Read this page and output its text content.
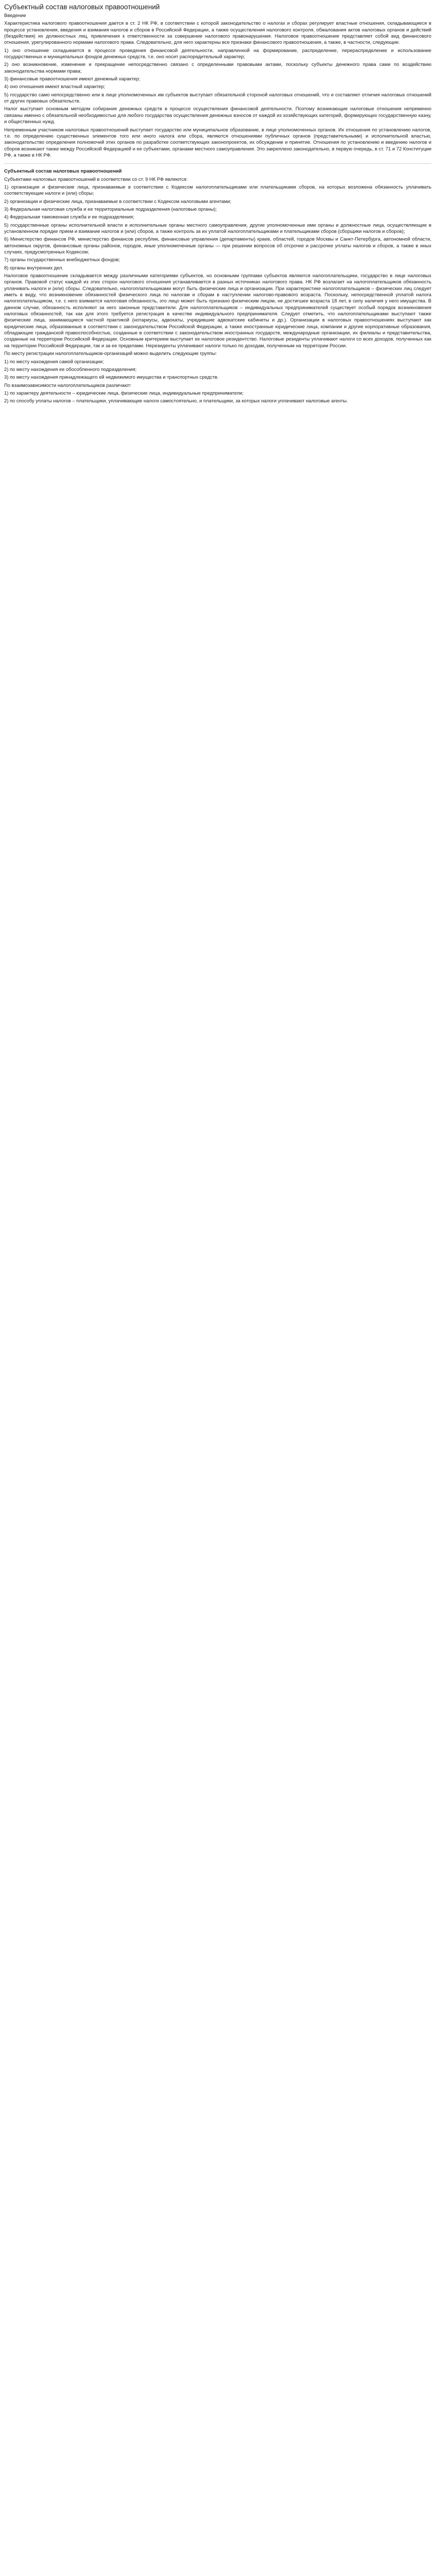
Субъектный состав налоговых правоотношений

Введение

Характеристика налогового правоотношения дается в ст. 2 НК РФ, в соответствии с которой законодательство о налогах и сборах регулирует властные отношения, складывающиеся в процессе установления, введения и взимания налогов и сборов в Российской Федерации, а также осуществления налогового контроля, обжалования актов налоговых органов и действий (бездействия) их должностных лиц, привлечения к ответственности за совершение налогового правонарушения. Налоговое правоотношение представляет собой вид финансового отношения, урегулированного нормами налогового права. Следовательно, для него характерны все признаки финансового правоотношения, а также, в частности, следующие.

1) оно отношение складывается в процессе проведения финансовой деятельности, направленной на формирование, распределение, перераспределение и использование государственных и муниципальных фондов денежных средств, т.е. оно носит распорядительный характер;

2) оно возникновение, изменение и прекращение непосредственно связано с определенными правовыми актами, поскольку субъекты денежного права сами по воздействию законодательства нормами права;

3) финансовые правоотношения имеют денежный характер;

4) оно отношения имеют властный характер;

5) государство само непосредственно или в лице уполномоченных им субъектов выступает обязательной стороной налоговых отношений, что и составляет отличия налоговых отношений от других правовых обязательств.

Налог выступает основным методом собирания денежных средств в процессе осуществления финансовой деятельности. Поэтому возникающие налоговые отношения непременно связаны именно с обязательной необходимостью для любого государства осуществления денежных взносов от каждой из хозяйствующих категорий, формирующих государственную казну, и общественных нужд.

Непременным участником налоговых правоотношений выступает государство или муниципальное образование, в лице уполномоченных органов. Их отношения по установлению налогов, т.е. по определению существенных элементов того или иного налога или сбора, являются отношениями публичных органов (представительными) и исполнительной властью, законодательство определения полномочий этих органов по разработке соответствующих законопроектов, их обсуждение и принятие. Отношения по установлению и введению налогов и сборов возникают также между Российской Федерацией и ее субъектами, органами местного самоуправления. Это закреплено законодательно, в первую очередь, в ст. 71 и 72 Конституции РФ, а также в НК РФ.

Субъектный состав налоговых правоотношений

Субъектами налоговых правоотношений в соответствии со ст. 9 НК РФ являются:

1) организации и физические лица, признаваемые в соответствии с Кодексом налогоплательщиками или плательщиками сборов, на которых возложена обязанность уплачивать соответствующие налоги и (или) сборы;

2) организации и физические лица, признаваемые в соответствии с Кодексом налоговыми агентами;

3) Федеральная налоговая служба и ее территориальные подразделения (налоговые органы);

4) Федеральная таможенная служба и ее подразделения;

5) государственные органы исполнительной власти и исполнительные органы местного самоуправления, другие уполномоченные ими органы и должностные лица, осуществляющие в установленном порядке прием и взимание налогов и (или) сборов, а также контроль за их уплатой налогоплательщиками и плательщиками сборов (сборщики налогов и сборов);

6) Министерство финансов РФ, министерство финансов республик, финансовые управления (департаменты) краев, областей, городов Москвы и Санкт-Петербурга, автономной области, автономных округов, финансовые органы районов, городов, иные уполномоченные органы — при решении вопросов об отсрочке и рассрочке уплаты налогов и сборов, а также в иных случаях, предусмотренных Кодексом;

7) органы государственных внебюджетных фондов;

8) органы внутренних дел.

Налоговое правоотношение складывается между различными категориями субъектов, но основными группами субъектов являются налогоплательщики, государство в лице налоговых органов. Правовой статус каждой из этих сторон налогового отношения устанавливается в разных источниках налогового права. НК РФ возлагает на налогоплательщиков обязанность уплачивать налоги и (или) сборы. Следовательно, налогоплательщиками могут быть физические лица и организации. При характеристике налогоплательщиков – физических лиц следует иметь в виду, что возникновение обязанностей физического лица по налогам и сборам в наступлении налогово-правового возраста. Поскольку, непосредственной уплатой налога налогоплательщиком, т.е. с него взимается налоговая обязанность, это лицо может быть признано физическим лицом, не достигшее возраста 18 лет, в силу наличия у него имущества. В данном случае, обязанность исполняют за него законные представители. Для налогоплательщиков – индивидуальных предпринимателей существует особый порядок возникновения налоговых обязанностей, так как для этого требуется регистрация в качестве индивидуального предпринимателя. Следует отметить, что налогоплательщиками выступают также физические лица, занимающиеся частной практикой (нотариусы, адвокаты, учредившие адвокатские кабинеты и др.). Организации в налоговых правоотношениях выступают как юридические лица, образованные в соответствии с законодательством Российской Федерации, а также иностранные юридические лица, компании и другие корпоративные образования, обладающие гражданской правоспособностью, созданные в соответствии с законодательством иностранных государств, международные организации, их филиалы и представительства, созданные на территории Российской Федерации. Основным критерием выступает их налоговое резидентство. Налоговые резиденты уплачивают налоги со всех доходов, полученных как на территории Российской Федерации, так и за ее пределами. Нерезиденты уплачивают налоги только по доходам, полученным на территории России.

По месту регистрации налогоплательщиков-организаций можно выделить следующие группы:

1) по месту нахождения самой организации;

2) по месту нахождения ее обособленного подразделения;

3) по месту нахождения принадлежащего ей недвижимого имущества и транспортных средств.

По взаимозависимости налогоплательщиков различают:

1) по характеру деятельности – юридические лица, физические лица, индивидуальные предприниматели;

2) по способу уплаты налогов – плательщики, уплачивающие налоги самостоятельно, и плательщики, за которых налоги уплачивают налоговые агенты.
